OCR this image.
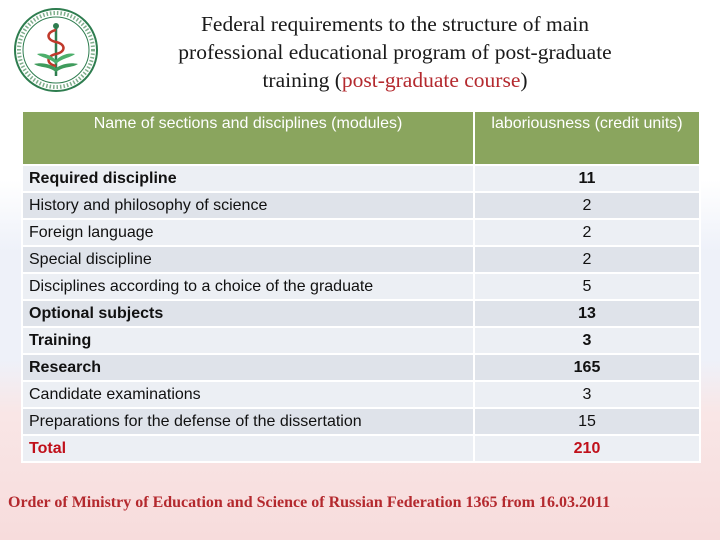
Federal requirements to the structure of main
professional educational program of post-graduate
training (post-graduate course)
Name of sections and disciplines (modules)	laboriousness (credit units)
Required discipline	11
History and philosophy of science	2
Foreign language	2
Special discipline	2
Disciplines according to a choice of the graduate	5
Optional subjects	13
Training	3
Research	165
Candidate examinations	3
Preparations for the defense of the dissertation	15
Total	210
Order of Ministry of Education and Science of Russian Federation 1365 from 16.03.2011
